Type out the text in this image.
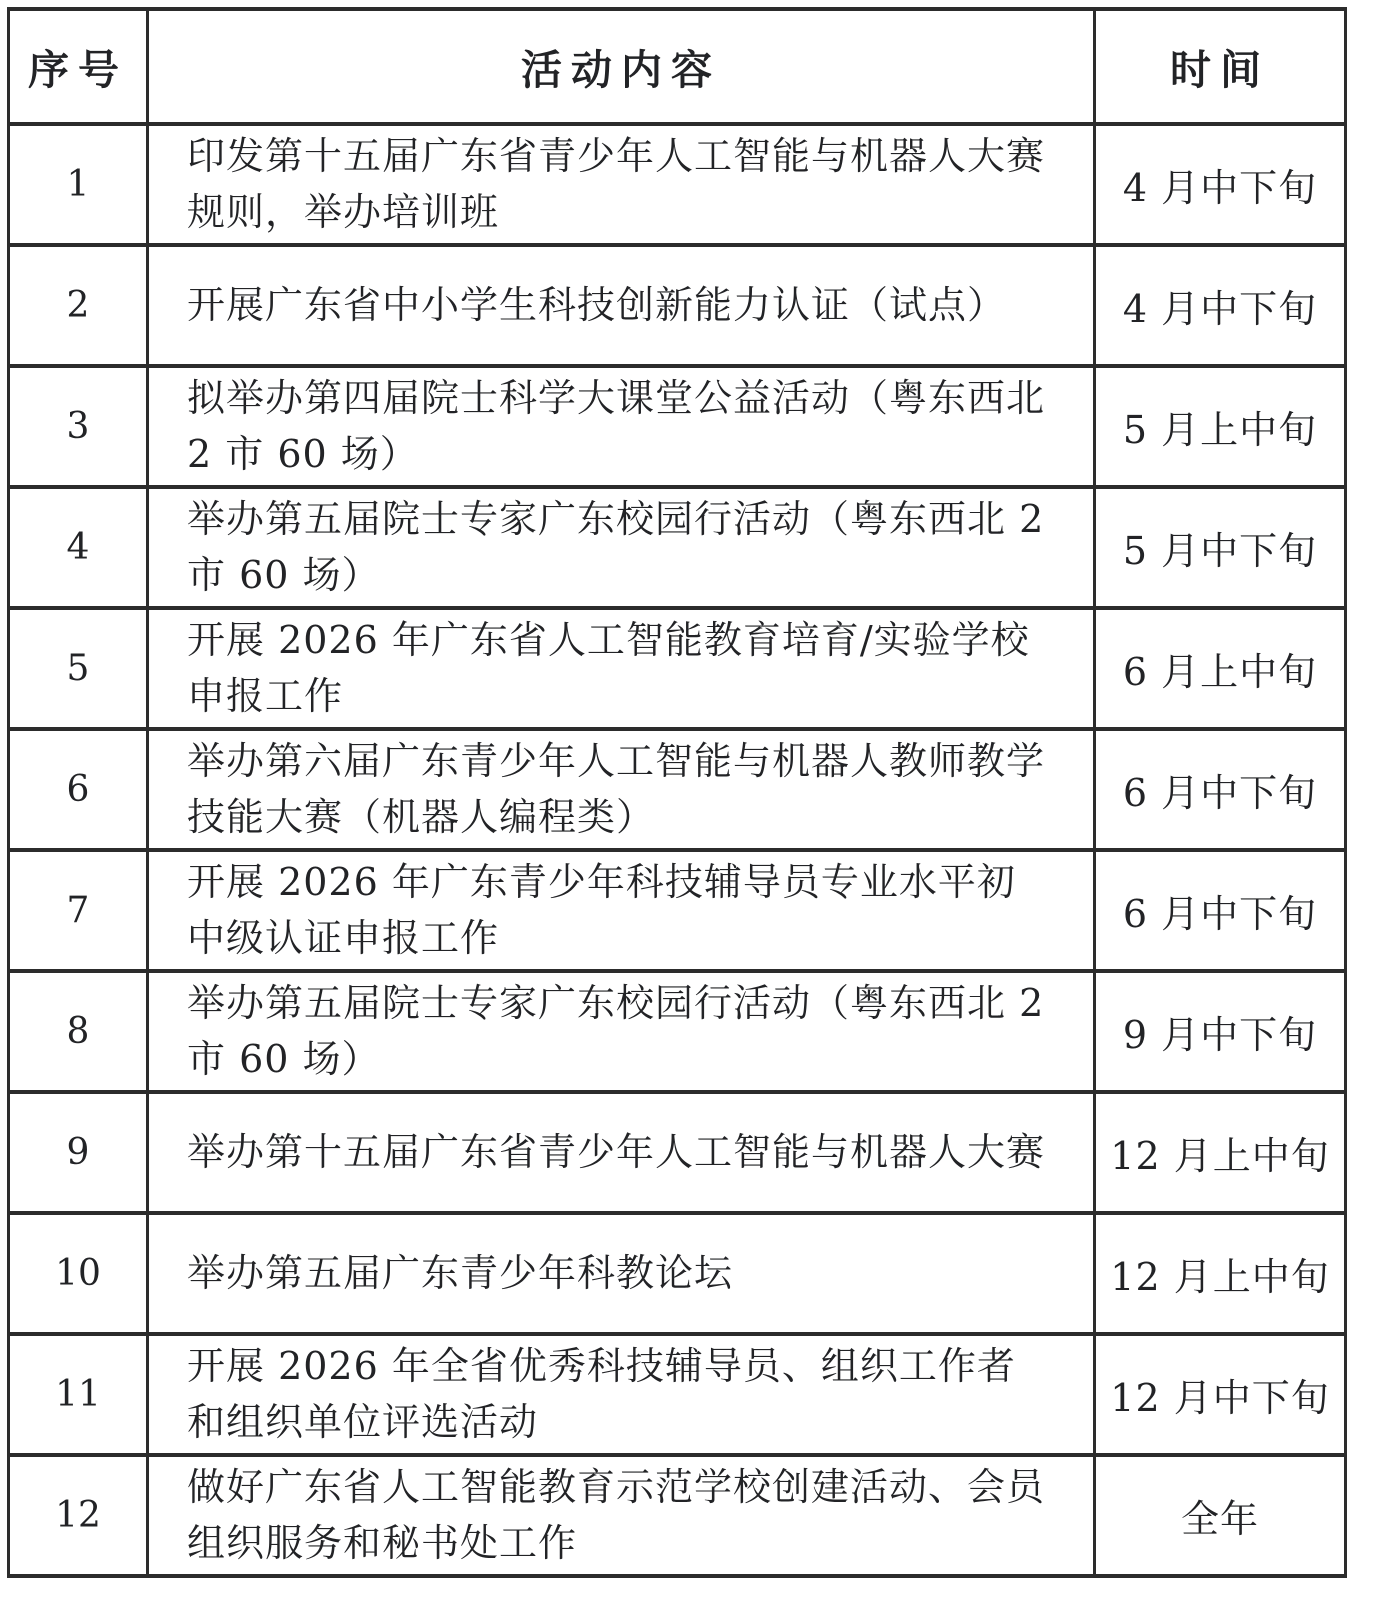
序号	活动内容	时间
1	印发第十五届广东省青少年人工智能与机器人大赛规则，举办培训班	4 月中下旬
2	开展广东省中小学生科技创新能力认证（试点）	4 月中下旬
3	拟举办第四届院士科学大课堂公益活动（粤东西北 2 市 60 场）	5 月上中旬
4	举办第五届院士专家广东校园行活动（粤东西北 2 市 60 场）	5 月中下旬
5	开展 2026 年广东省人工智能教育培育/实验学校申报工作	6 月上中旬
6	举办第六届广东青少年人工智能与机器人教师教学技能大赛（机器人编程类）	6 月中下旬
7	开展 2026 年广东青少年科技辅导员专业水平初中级认证申报工作	6 月中下旬
8	举办第五届院士专家广东校园行活动（粤东西北 2 市 60 场）	9 月中下旬
9	举办第十五届广东省青少年人工智能与机器人大赛	12 月上中旬
10	举办第五届广东青少年科教论坛	12 月上中旬
11	开展 2026 年全省优秀科技辅导员、组织工作者和组织单位评选活动	12 月中下旬
12	做好广东省人工智能教育示范学校创建活动、会员组织服务和秘书处工作	全年
